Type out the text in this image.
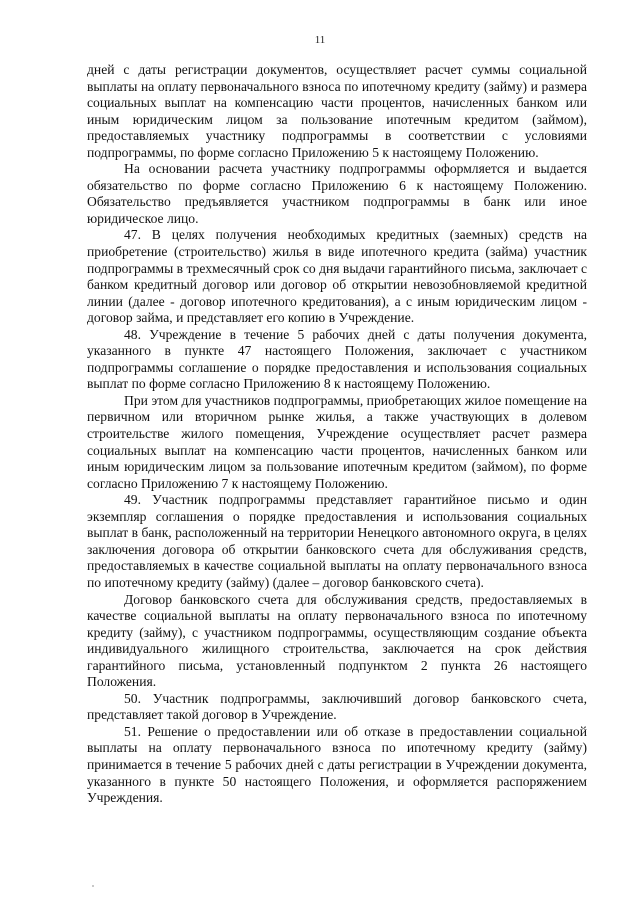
11

дней с даты регистрации документов, осуществляет расчет суммы социальной выплаты на оплату первоначального взноса по ипотечному кредиту (займу) и размера социальных выплат на компенсацию части процентов, начисленных банком или иным юридическим лицом за пользование ипотечным кредитом (займом), предоставляемых участнику подпрограммы в соответствии с условиями подпрограммы, по форме согласно Приложению 5 к настоящему Положению.

На основании расчета участнику подпрограммы оформляется и выдается обязательство по форме согласно Приложению 6 к настоящему Положению. Обязательство предъявляется участником подпрограммы в банк или иное юридическое лицо.

47. В целях получения необходимых кредитных (заемных) средств на приобретение (строительство) жилья в виде ипотечного кредита (займа) участник подпрограммы в трехмесячный срок со дня выдачи гарантийного письма, заключает с банком кредитный договор или договор об открытии невозобновляемой кредитной линии (далее - договор ипотечного кредитования), а с иным юридическим лицом - договор займа, и представляет его копию в Учреждение.

48. Учреждение в течение 5 рабочих дней с даты получения документа, указанного в пункте 47 настоящего Положения, заключает с участником подпрограммы соглашение о порядке предоставления и использования социальных выплат по форме согласно Приложению 8 к настоящему Положению.

При этом для участников подпрограммы, приобретающих жилое помещение на первичном или вторичном рынке жилья, а также участвующих в долевом строительстве жилого помещения, Учреждение осуществляет расчет размера социальных выплат на компенсацию части процентов, начисленных банком или иным юридическим лицом за пользование ипотечным кредитом (займом), по форме согласно Приложению 7 к настоящему Положению.

49. Участник подпрограммы представляет гарантийное письмо и один экземпляр соглашения о порядке предоставления и использования социальных выплат в банк, расположенный на территории Ненецкого автономного округа, в целях заключения договора об открытии банковского счета для обслуживания средств, предоставляемых в качестве социальной выплаты на оплату первоначального взноса по ипотечному кредиту (займу) (далее – договор банковского счета).

Договор банковского счета для обслуживания средств, предоставляемых в качестве социальной выплаты на оплату первоначального взноса по ипотечному кредиту (займу), с участником подпрограммы, осуществляющим создание объекта индивидуального жилищного строительства, заключается на срок действия гарантийного письма, установленный подпунктом 2 пункта 26 настоящего Положения.

50. Участник подпрограммы, заключивший договор банковского счета, представляет такой договор в Учреждение.

51. Решение о предоставлении или об отказе в предоставлении социальной выплаты на оплату первоначального взноса по ипотечному кредиту (займу) принимается в течение 5 рабочих дней с даты регистрации в Учреждении документа, указанного в пункте 50 настоящего Положения, и оформляется распоряжением Учреждения.
